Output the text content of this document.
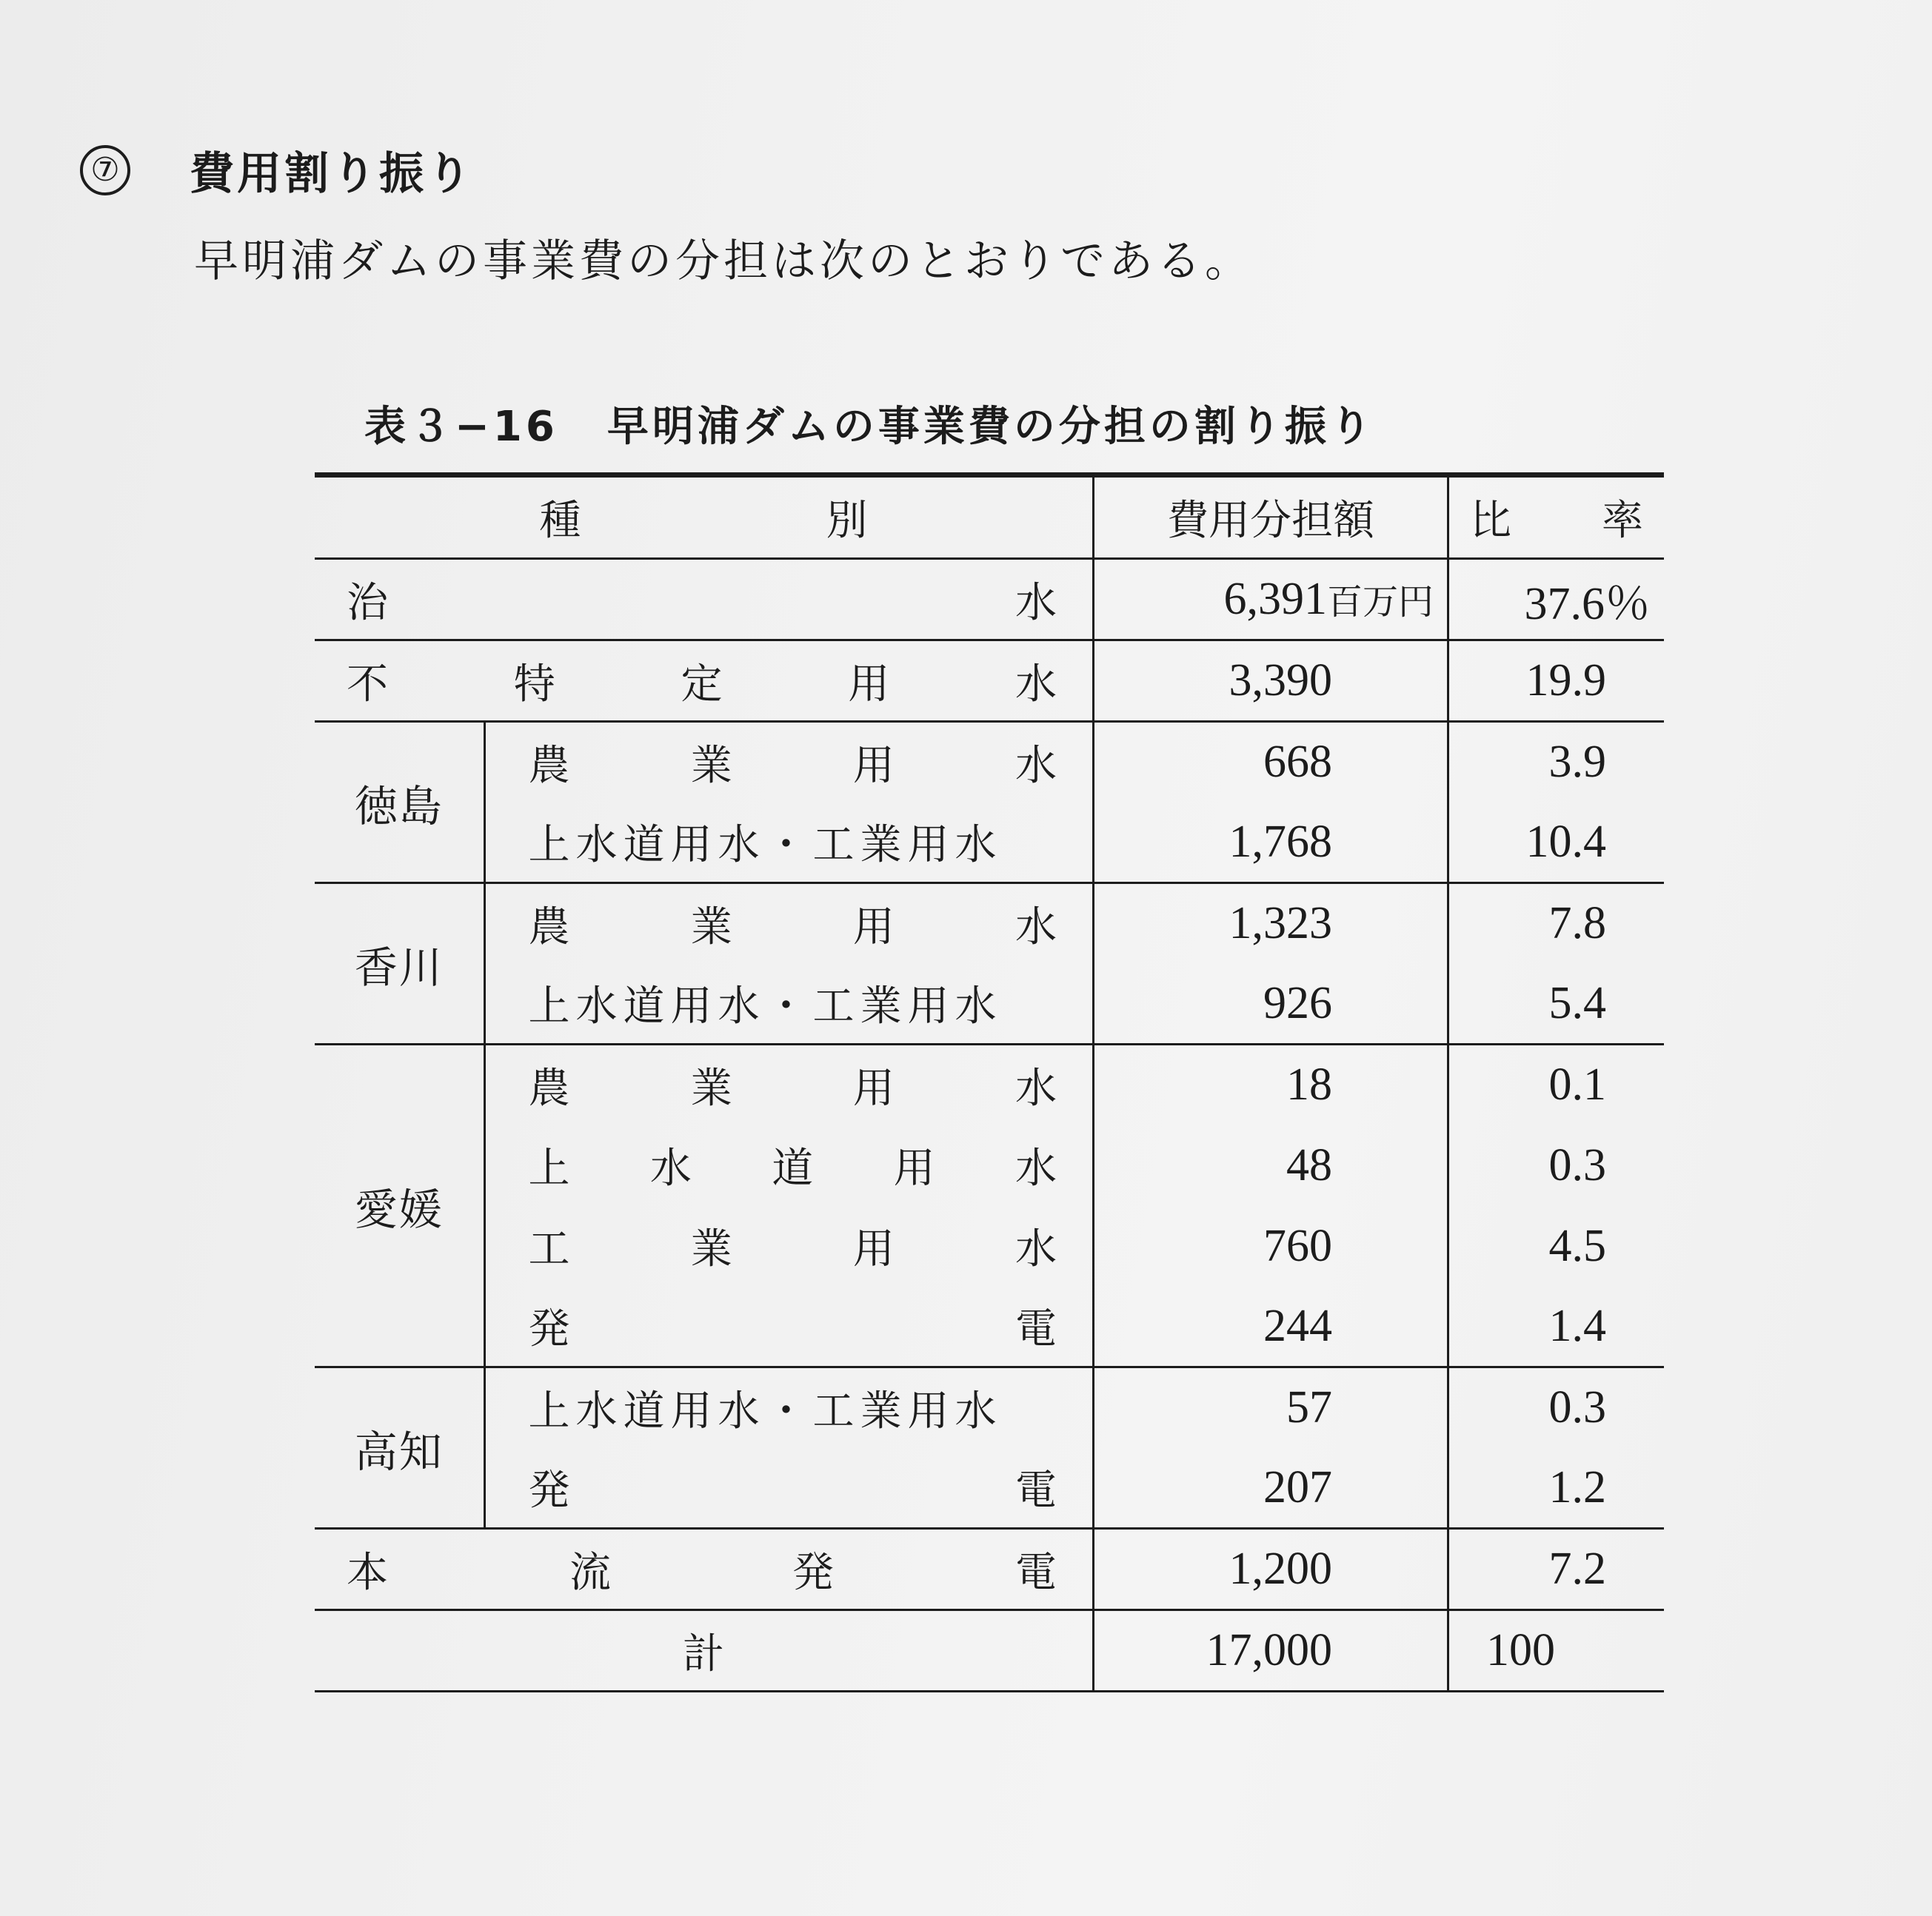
⑦ 費用割り振り
早明浦ダムの事業費の分担は次のとおりである。
表３−16 早明浦ダムの事業費の分担の割り振り
種 別		費用分担額	比 率

治 水		6,391百万円	37.6％

不 特 定 用 水		3,390	19.9
徳島	農 業 用 水	668	3.9

	上水道用水・工業用水	1,768	10.4
香川	農 業 用 水	1,323	7.8

	上水道用水・工業用水	926	5.4
愛媛	農 業 用 水	18	0.1

	上 水 道 用 水	48	0.3

	工 業 用 水	760	4.5

	発 電	244	1.4
高知	上水道用水・工業用水	57	0.3

	発 電	207	1.2

本 流 発 電		1,200	7.2
計		17,000	100
